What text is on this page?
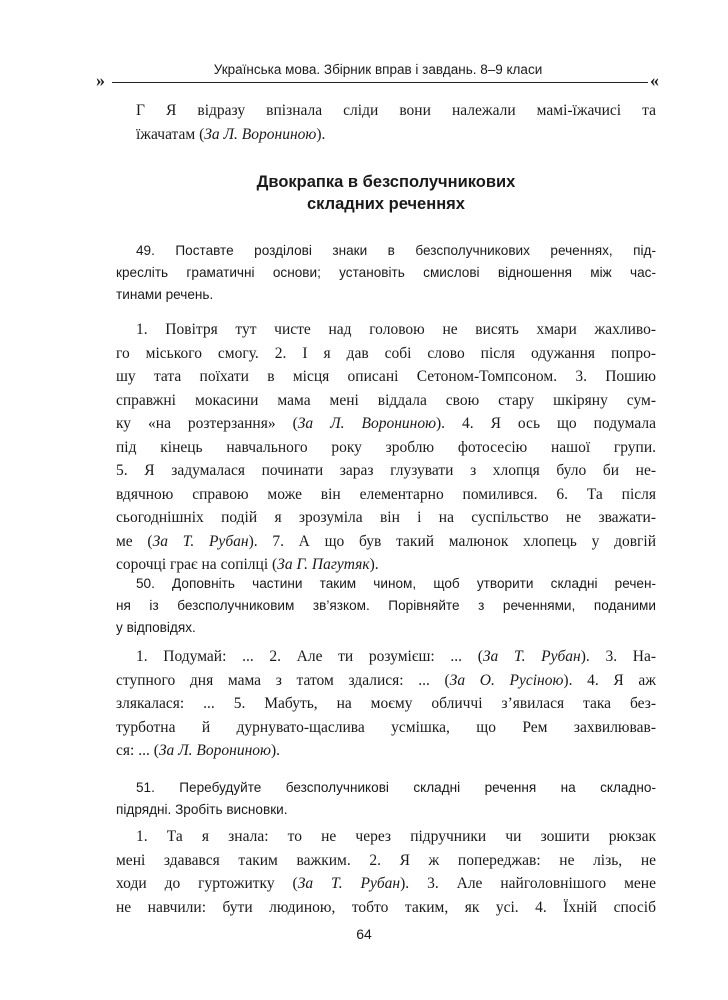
Українська мова. Збірник вправ і завдань. 8–9 класи
»	«
Г Я відразу впізнала сліди вони належали мамі-їжачисі та
їжачатам (За Л. Ворониною).
Двокрапка в безсполучникових
складних реченнях
49. Поставте розділові знаки в безсполучникових реченнях, під-
кресліть граматичні основи; установіть смислові відношення між час-
тинами речень.
1. Повітря тут чисте над головою не висять хмари жахливо-
го міського смогу. 2. І я дав собі слово після одужання попро-
шу тата поїхати в місця описані Сетоном-Томпсоном. 3. Пошию
справжні мокасини мама мені віддала свою стару шкіряну сум-
ку «на розтерзання» (За Л. Ворониною). 4. Я ось що подумала
під кінець навчального року зроблю фотосесію нашої групи.
5. Я задумалася починати зараз глузувати з хлопця було би не-
вдячною справою може він елементарно помилився. 6. Та після
сьогоднішніх подій я зрозуміла він і на суспільство не зважати-
ме (За Т. Рубан). 7. А що був такий малюнок хлопець у довгій
сорочці грає на сопілці (За Г. Пагутяк).
50. Доповніть частини таким чином, щоб утворити складні речен-
ня із безсполучниковим зв’язком. Порівняйте з реченнями, поданими
у відповідях.
1. Подумай: ... 2. Але ти розумієш: ... (За Т. Рубан). 3. На-
ступного дня мама з татом здалися: ... (За О. Русіною). 4. Я аж
злякалася: ... 5. Мабуть, на моєму обличчі з’явилася така без-
турботна й дурнувато-щаслива усмішка, що Рем захвилював-
ся: ... (За Л. Ворониною).
51. Перебудуйте безсполучникові складні речення на складно-
підрядні. Зробіть висновки.
1. Та я знала: то не через підручники чи зошити рюкзак
мені здавався таким важким. 2. Я ж попереджав: не лізь, не
ходи до гуртожитку (За Т. Рубан). 3. Але найголовнішого мене
не навчили: бути людиною, тобто таким, як усі. 4. Їхній спосіб
64
